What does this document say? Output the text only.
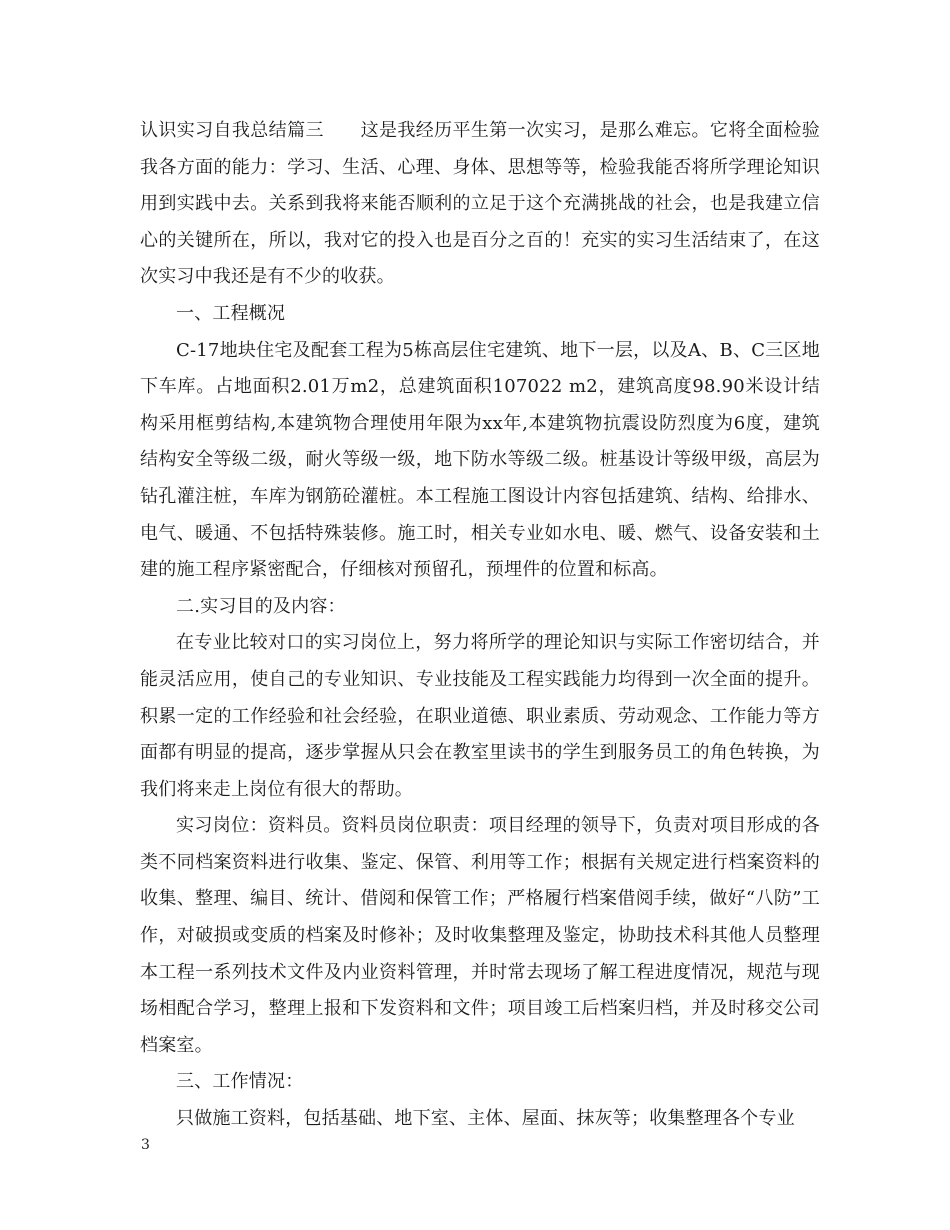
认识实习自我总结篇三　　这是我经历平生第一次实习，是那么难忘。它将全面检验我各方面的能力：学习、生活、心理、身体、思想等等，检验我能否将所学理论知识用到实践中去。关系到我将来能否顺利的立足于这个充满挑战的社会，也是我建立信心的关键所在，所以，我对它的投入也是百分之百的！充实的实习生活结束了，在这次实习中我还是有不少的收获。

一、工程概况

C-17地块住宅及配套工程为5栋高层住宅建筑、地下一层，以及A、B、C三区地下车库。占地面积2.01万m2，总建筑面积107022 m2，建筑高度98.90米设计结构采用框剪结构,本建筑物合理使用年限为xx年,本建筑物抗震设防烈度为6度，建筑结构安全等级二级，耐火等级一级，地下防水等级二级。桩基设计等级甲级，高层为钻孔灌注桩，车库为钢筋砼灌桩。本工程施工图设计内容包括建筑、结构、给排水、电气、暖通、不包括特殊装修。施工时，相关专业如水电、暖、燃气、设备安装和土建的施工程序紧密配合，仔细核对预留孔，预埋件的位置和标高。

二.实习目的及内容：

在专业比较对口的实习岗位上，努力将所学的理论知识与实际工作密切结合，并能灵活应用，使自己的专业知识、专业技能及工程实践能力均得到一次全面的提升。积累一定的工作经验和社会经验，在职业道德、职业素质、劳动观念、工作能力等方面都有明显的提高，逐步掌握从只会在教室里读书的学生到服务员工的角色转换，为我们将来走上岗位有很大的帮助。

实习岗位：资料员。资料员岗位职责：项目经理的领导下，负责对项目形成的各类不同档案资料进行收集、鉴定、保管、利用等工作；根据有关规定进行档案资料的收集、整理、编目、统计、借阅和保管工作；严格履行档案借阅手续，做好“八防”工作，对破损或变质的档案及时修补；及时收集整理及鉴定，协助技术科其他人员整理本工程一系列技术文件及内业资料管理，并时常去现场了解工程进度情况，规范与现场相配合学习，整理上报和下发资料和文件；项目竣工后档案归档，并及时移交公司档案室。

三、工作情况：

只做施工资料，包括基础、地下室、主体、屋面、抹灰等；收集整理各个专业

3
